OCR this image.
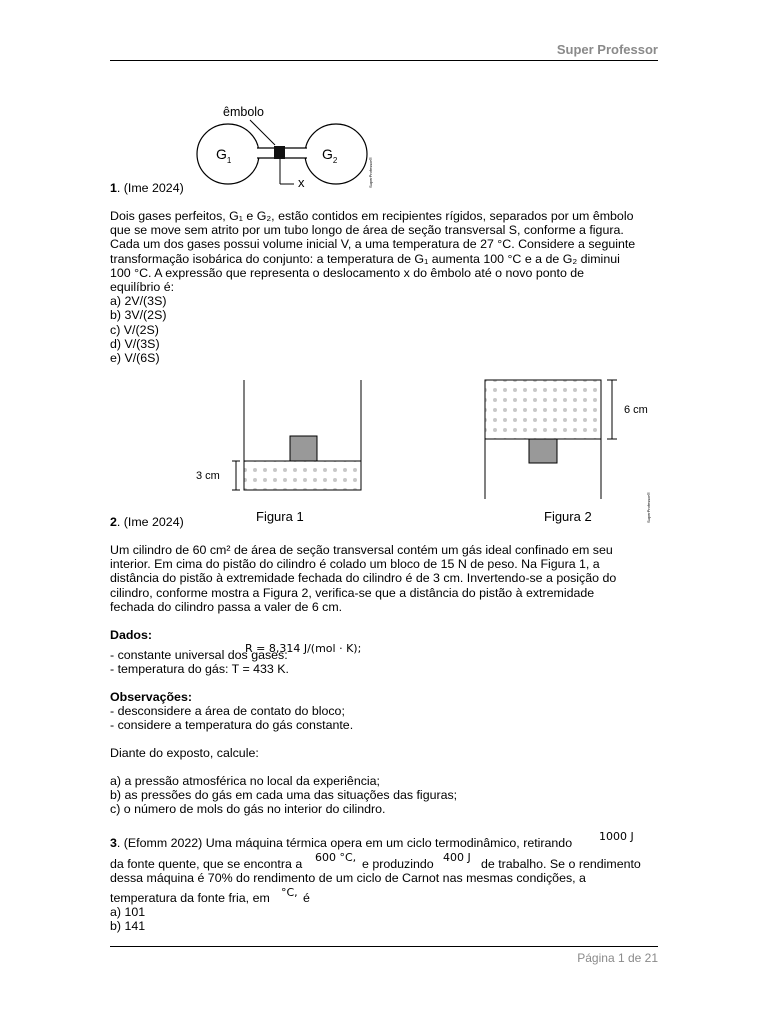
Super Professor
êmbolo
$G_1$	$G_2$
x	SuperProfessor®
1. (Ime 2024)
Dois gases perfeitos, G₁ e G₂, estão contidos em recipientes rígidos, separados por um êmbolo
que se move sem atrito por um tubo longo de área de seção transversal S, conforme a figura.
Cada um dos gases possui volume inicial V, a uma temperatura de 27 °C. Considere a seguinte
transformação isobárica do conjunto: a temperatura de G₁ aumenta 100 °C e a de G₂ diminui
100 °C. A expressão que representa o deslocamento x do êmbolo até o novo ponto de
equilíbrio é:
a) 2V/(3S)
b) 3V/(2S)
c) V/(2S)
d) V/(3S)
e) V/(6S)
3 cm
Figura 1
6 cm
Figura 2	SuperProfessor®
2. (Ime 2024)
Um cilindro de 60 cm² de área de seção transversal contém um gás ideal confinado em seu
interior. Em cima do pistão do cilindro é colado um bloco de 15 N de peso. Na Figura 1, a
distância do pistão à extremidade fechada do cilindro é de 3 cm. Invertendo-se a posição do
cilindro, conforme mostra a Figura 2, verifica-se que a distância do pistão à extremidade
fechada do cilindro passa a valer de 6 cm.
Dados:
- constante universal dos gases:
R = 8,314 J/(mol · K);
- temperatura do gás: T = 433 K.
Observações:
- desconsidere a área de contato do bloco;
- considere a temperatura do gás constante.
Diante do exposto, calcule:
a) a pressão atmosférica no local da experiência;
b) as pressões do gás em cada uma das situações das figuras;
c) o número de mols do gás no interior do cilindro.
3. (Efomm 2022) Uma máquina térmica opera em um ciclo termodinâmico, retirando 1000 J
da fonte quente, que se encontra a 600 °C, e produzindo 400 J de trabalho. Se o rendimento
dessa máquina é 70% do rendimento de um ciclo de Carnot nas mesmas condições, a
temperatura da fonte fria, em °C, é
a) 101
b) 141
Página 1 de 21
